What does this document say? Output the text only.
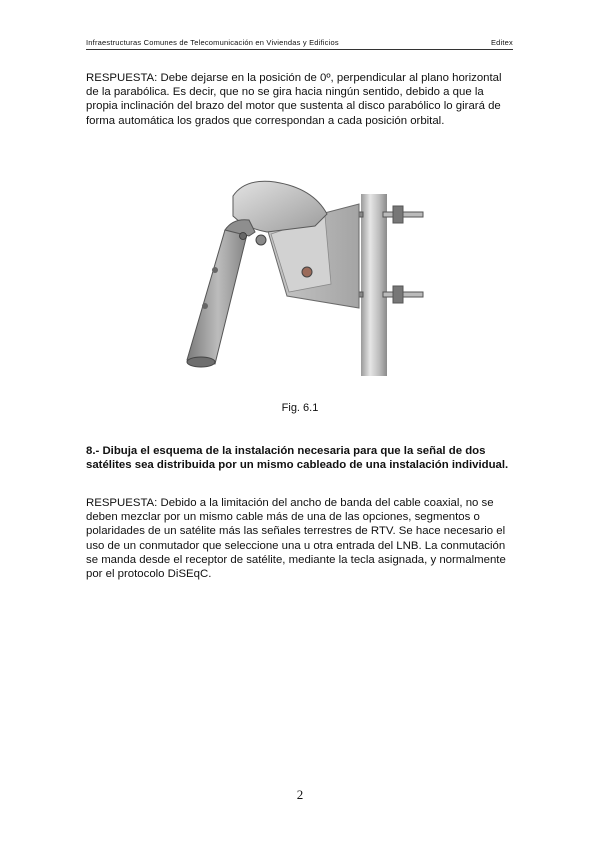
Infraestructuras Comunes de Telecomunicación en Viviendas y Edificios	Editex

RESPUESTA: Debe dejarse en la posición de 0º, perpendicular al plano horizontal de la parabólica. Es decir, que no se gira hacia ningún sentido, debido a que la propia inclinación del brazo del motor que sustenta al disco parabólico lo girará de forma automática los grados que correspondan a cada posición orbital.

Fig. 6.1

8.- Dibuja el esquema de la instalación necesaria para que la señal de dos satélites sea distribuida por un mismo cableado de una instalación individual.

RESPUESTA: Debido a la limitación del ancho de banda del cable coaxial, no se deben mezclar por un mismo cable más de una de las opciones, segmentos o polaridades de un satélite más las señales terrestres de RTV. Se hace necesario el uso de un conmutador que seleccione una u otra entrada del LNB. La conmutación se manda desde el receptor de satélite, mediante la tecla asignada, y normalmente por el protocolo DiSEqC.

2
